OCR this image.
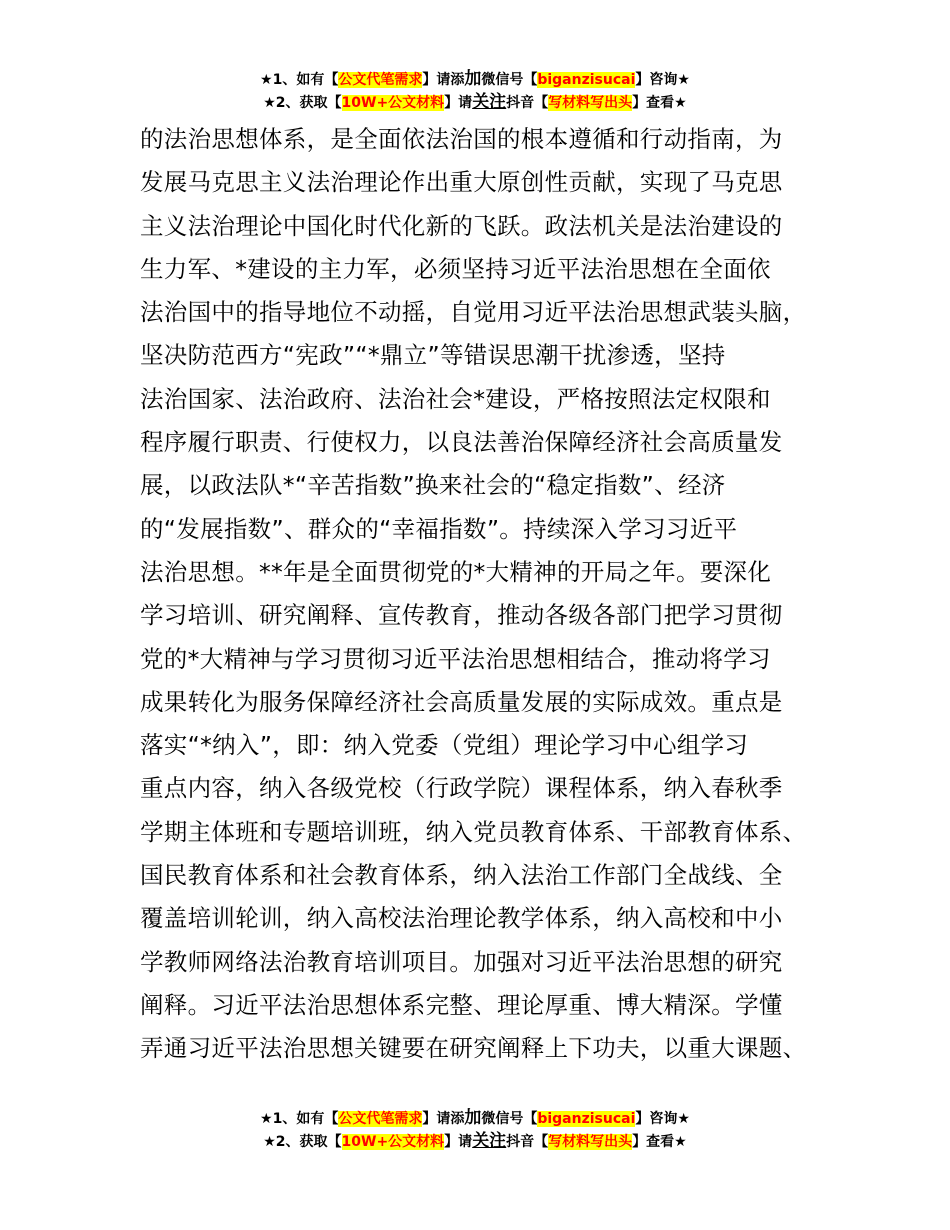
★1、如有【公文代笔需求】请添加微信号【biganzisucai】咨询★
★2、获取【10W+公文材料】请关注抖音【写材料写出头】查看★
的法治思想体系，是全面依法治国的根本遵循和行动指南，为
发展马克思主义法治理论作出重大原创性贡献，实现了马克思
主义法治理论中国化时代化新的飞跃。政法机关是法治建设的
生力军、*建设的主力军，必须坚持习近平法治思想在全面依
法治国中的指导地位不动摇，自觉用习近平法治思想武装头脑，
坚决防范西方“宪政”“*鼎立”等错误思潮干扰渗透，坚持
法治国家、法治政府、法治社会*建设，严格按照法定权限和
程序履行职责、行使权力，以良法善治保障经济社会高质量发
展，以政法队*“辛苦指数”换来社会的“稳定指数”、经济
的“发展指数”、群众的“幸福指数”。持续深入学习习近平
法治思想。**年是全面贯彻党的*大精神的开局之年。要深化
学习培训、研究阐释、宣传教育，推动各级各部门把学习贯彻
党的*大精神与学习贯彻习近平法治思想相结合，推动将学习
成果转化为服务保障经济社会高质量发展的实际成效。重点是
落实“*纳入”，即：纳入党委（党组）理论学习中心组学习
重点内容，纳入各级党校（行政学院）课程体系，纳入春秋季
学期主体班和专题培训班，纳入党员教育体系、干部教育体系、
国民教育体系和社会教育体系，纳入法治工作部门全战线、全
覆盖培训轮训，纳入高校法治理论教学体系，纳入高校和中小
学教师网络法治教育培训项目。加强对习近平法治思想的研究
阐释。习近平法治思想体系完整、理论厚重、博大精深。学懂
弄通习近平法治思想关键要在研究阐释上下功夫，以重大课题、
★1、如有【公文代笔需求】请添加微信号【biganzisucai】咨询★
★2、获取【10W+公文材料】请关注抖音【写材料写出头】查看★
